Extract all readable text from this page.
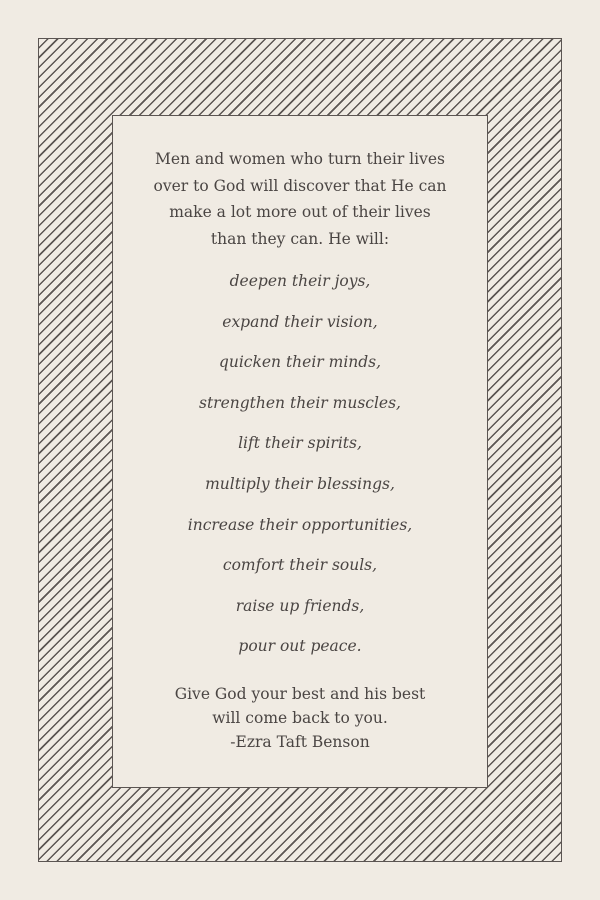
Men and women who turn their lives
over to God will discover that He can
make a lot more out of their lives
than they can. He will:

deepen their joys,
expand their vision,
quicken their minds,
strengthen their muscles,
lift their spirits,
multiply their blessings,
increase their opportunities,
comfort their souls,
raise up friends,
pour out peace.

Give God your best and his best
will come back to you.
-Ezra Taft Benson
